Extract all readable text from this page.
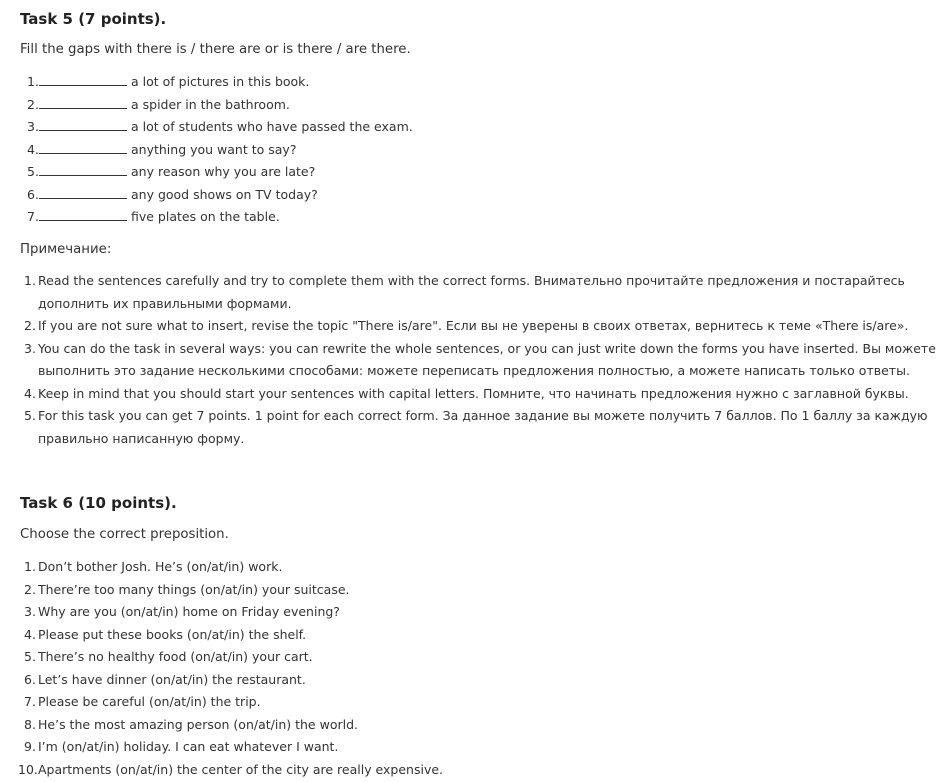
Task 5 (7 points).
Fill the gaps with there is / there are or is there / are there.
1.	a lot of pictures in this book.
2.	a spider in the bathroom.
3.	a lot of students who have passed the exam.
4.	anything you want to say?
5.	any reason why you are late?
6.	any good shows on TV today?
7.	five plates on the table.
Примечание:
1. Read the sentences carefully and try to complete them with the correct forms. Внимательно прочитайте предложения и постарайтесь
дополнить их правильными формами.
2. If you are not sure what to insert, revise the topic "There is/are". Если вы не уверены в своих ответах, вернитесь к теме «There is/are».
3. You can do the task in several ways: you can rewrite the whole sentences, or you can just write down the forms you have inserted. Вы можете
выполнить это задание несколькими способами: можете переписать предложения полностью, а можете написать только ответы.
4. Keep in mind that you should start your sentences with capital letters. Помните, что начинать предложения нужно с заглавной буквы.
5. For this task you can get 7 points. 1 point for each correct form. За данное задание вы можете получить 7 баллов. По 1 баллу за каждую
правильно написанную форму.
Task 6 (10 points).
Choose the correct preposition.
1. Don’t bother Josh. He’s (on/at/in) work.
2. There’re too many things (on/at/in) your suitcase.
3. Why are you (on/at/in) home on Friday evening?
4. Please put these books (on/at/in) the shelf.
5. There’s no healthy food (on/at/in) your cart.
6. Let’s have dinner (on/at/in) the restaurant.
7. Please be careful (on/at/in) the trip.
8. He’s the most amazing person (on/at/in) the world.
9. I’m (on/at/in) holiday. I can eat whatever I want.
10.Apartments (on/at/in) the center of the city are really expensive.
